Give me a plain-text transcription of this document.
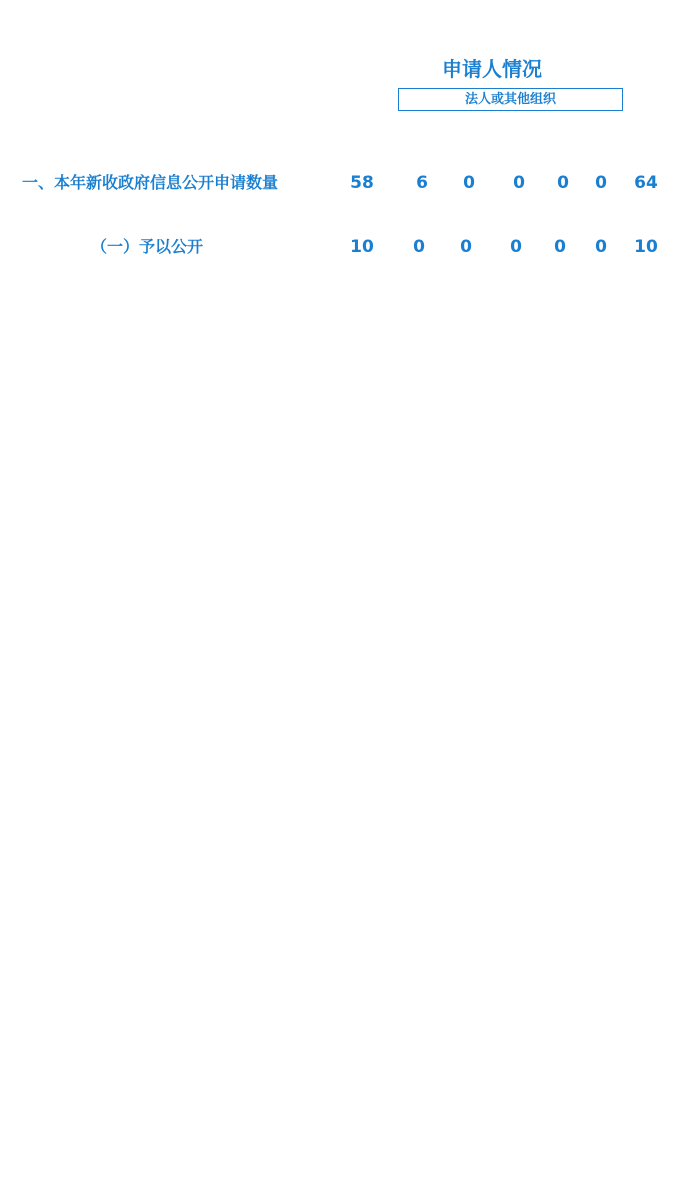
申请人情况
法人或其他组织
一、本年新收政府信息公开申请数量	58	6	0	0	0	0	64
（一）予以公开	10	0	0	0	0	0	10
